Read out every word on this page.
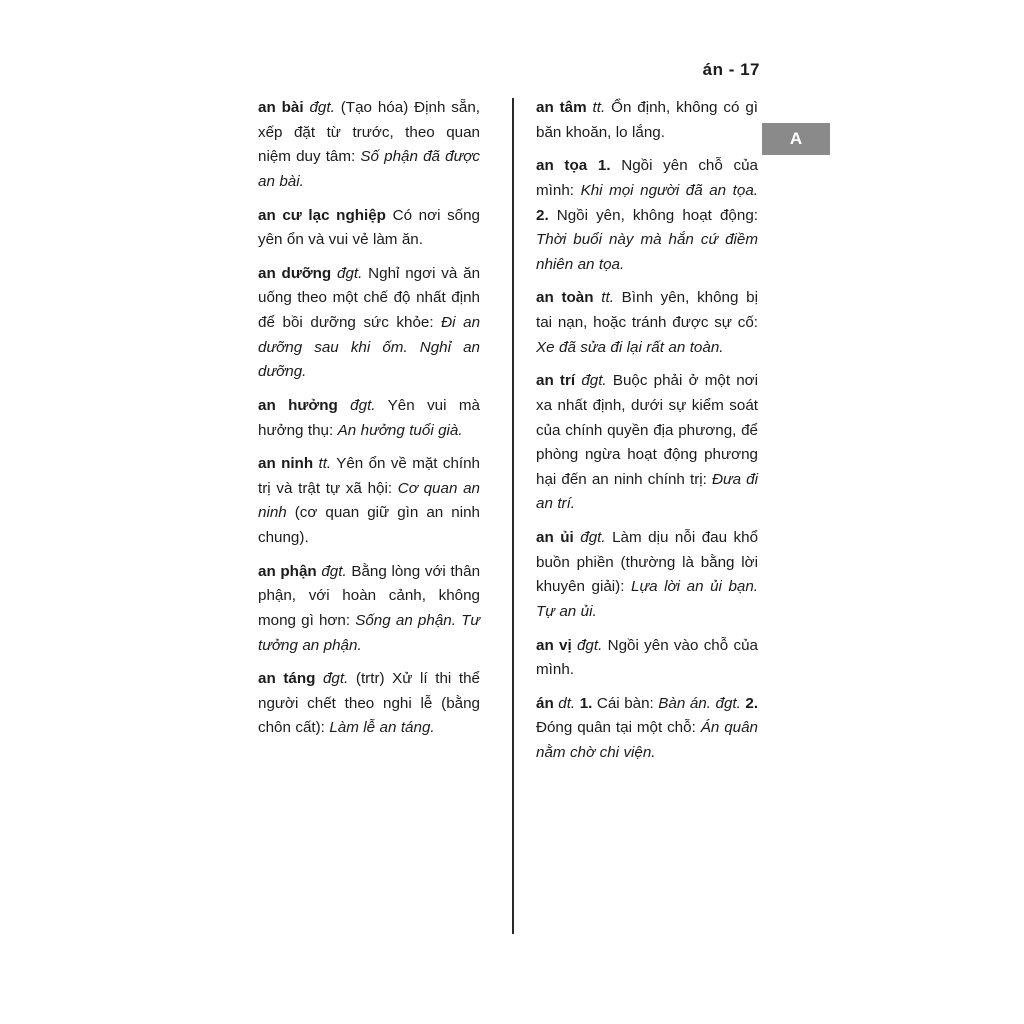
án - 17
A
an bài đgt. (Tạo hóa) Định sẵn, xếp đặt từ trước, theo quan niệm duy tâm: Số phận đã được an bài.
an cư lạc nghiệp Có nơi sống yên ổn và vui vẻ làm ăn.
an dưỡng đgt. Nghỉ ngơi và ăn uống theo một chế độ nhất định để bồi dưỡng sức khỏe: Đi an dưỡng sau khi ốm. Nghỉ an dưỡng.
an hưởng đgt. Yên vui mà hưởng thụ: An hưởng tuổi già.
an ninh tt. Yên ổn về mặt chính trị và trật tự xã hội: Cơ quan an ninh (cơ quan giữ gìn an ninh chung).
an phận đgt. Bằng lòng với thân phận, với hoàn cảnh, không mong gì hơn: Sống an phận. Tư tưởng an phận.
an táng đgt. (trtr) Xử lí thi thể người chết theo nghi lễ (bằng chôn cất): Làm lễ an táng.
an tâm tt. Ổn định, không có gì băn khoăn, lo lắng.
an tọa 1. Ngồi yên chỗ của mình: Khi mọi người đã an tọa. 2. Ngồi yên, không hoạt động: Thời buổi này mà hắn cứ điềm nhiên an tọa.
an toàn tt. Bình yên, không bị tai nạn, hoặc tránh được sự cố: Xe đã sửa đi lại rất an toàn.
an trí đgt. Buộc phải ở một nơi xa nhất định, dưới sự kiểm soát của chính quyền địa phương, để phòng ngừa hoạt động phương hại đến an ninh chính trị: Đưa đi an trí.
an ủi đgt. Làm dịu nỗi đau khổ buồn phiền (thường là bằng lời khuyên giải): Lựa lời an ủi bạn. Tự an ủi.
an vị đgt. Ngồi yên vào chỗ của mình.
án dt. 1. Cái bàn: Bàn án. đgt. 2. Đóng quân tại một chỗ: Án quân nằm chờ chi viện.
